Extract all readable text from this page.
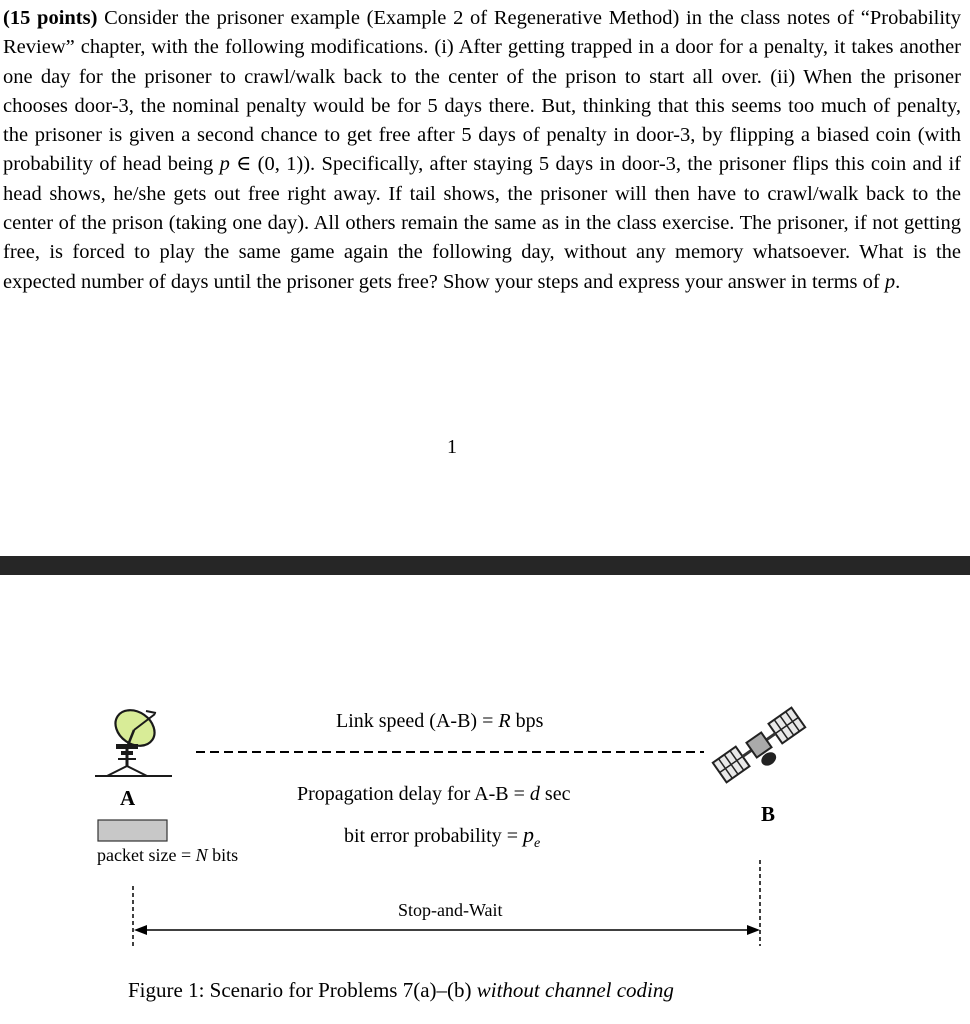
(15 points) Consider the prisoner example (Example 2 of Regenerative Method) in the class notes of “Probability Review” chapter, with the following modifications. (i) After getting trapped in a door for a penalty, it takes another one day for the prisoner to crawl/walk back to the center of the prison to start all over. (ii) When the prisoner chooses door-3, the nominal penalty would be for 5 days there. But, thinking that this seems too much of penalty, the prisoner is given a second chance to get free after 5 days of penalty in door-3, by flipping a biased coin (with probability of head being p ∈ (0, 1)). Specifically, after staying 5 days in door-3, the prisoner flips this coin and if head shows, he/she gets out free right away. If tail shows, the prisoner will then have to crawl/walk back to the center of the prison (taking one day). All others remain the same as in the class exercise. The prisoner, if not getting free, is forced to play the same game again the following day, without any memory whatsoever. What is the expected number of days until the prisoner gets free? Show your steps and express your answer in terms of p.
1
Link speed (A-B) = R bps
Propagation delay for A-B = d sec
bit error probability = $p_e$
A
B
packet size = N bits
Stop-and-Wait
Figure 1: Scenario for Problems 7(a)–(b) without channel coding
